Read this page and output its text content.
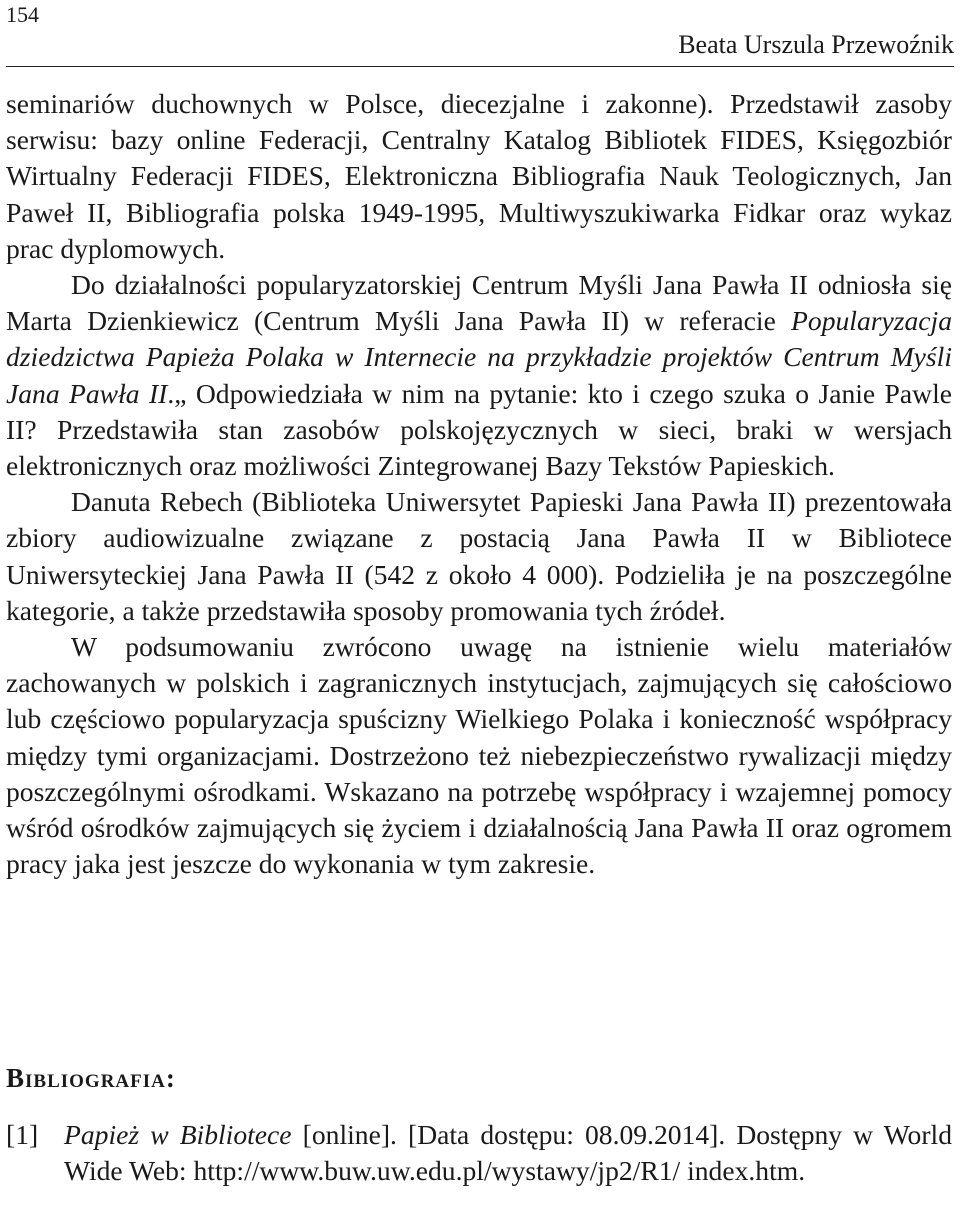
154
Beata Urszula Przewoźnik

seminariów duchownych w Polsce, diecezjalne i zakonne). Przedstawił zasoby serwisu: bazy online Federacji, Centralny Katalog Bibliotek FIDES, Księgozbiór Wirtualny Federacji FIDES, Elektroniczna Bibliografia Nauk Teologicznych, Jan Paweł II, Bibliografia polska 1949-1995, Multiwyszukiwarka Fidkar oraz wykaz prac dyplomowych.

Do działalności popularyzatorskiej Centrum Myśli Jana Pawła II odniosła się Marta Dzienkiewicz (Centrum Myśli Jana Pawła II) w referacie Popularyzacja dziedzictwa Papieża Polaka w Internecie na przykładzie projektów Centrum Myśli Jana Pawła II.„ Odpowiedziała w nim na pytanie: kto i czego szuka o Janie Pawle II? Przedstawiła stan zasobów polskojęzycznych w sieci, braki w wersjach elektronicznych oraz możliwości Zintegrowanej Bazy Tekstów Papieskich.

Danuta Rebech (Biblioteka Uniwersytet Papieski Jana Pawła II) prezentowała zbiory audiowizualne związane z postacią Jana Pawła II w Bibliotece Uniwersyteckiej Jana Pawła II (542 z około 4 000). Podzieliła je na poszczególne kategorie, a także przedstawiła sposoby promowania tych źródeł.

W podsumowaniu zwrócono uwagę na istnienie wielu materiałów zachowanych w polskich i zagranicznych instytucjach, zajmujących się całościowo lub częściowo popularyzacja spuścizny Wielkiego Polaka i konieczność współpracy między tymi organizacjami. Dostrzeżono też niebezpieczeństwo rywalizacji między poszczególnymi ośrodkami. Wskazano na potrzebę współpracy i wzajemnej pomocy wśród ośrodków zajmujących się życiem i działalnością Jana Pawła II oraz ogromem pracy jaka jest jeszcze do wykonania w tym zakresie.

Bibliografia:
[1] Papież w Bibliotece [online]. [Data dostępu: 08.09.2014]. Dostępny w World Wide Web: http://www.buw.uw.edu.pl/wystawy/jp2/R1/ index.htm.
